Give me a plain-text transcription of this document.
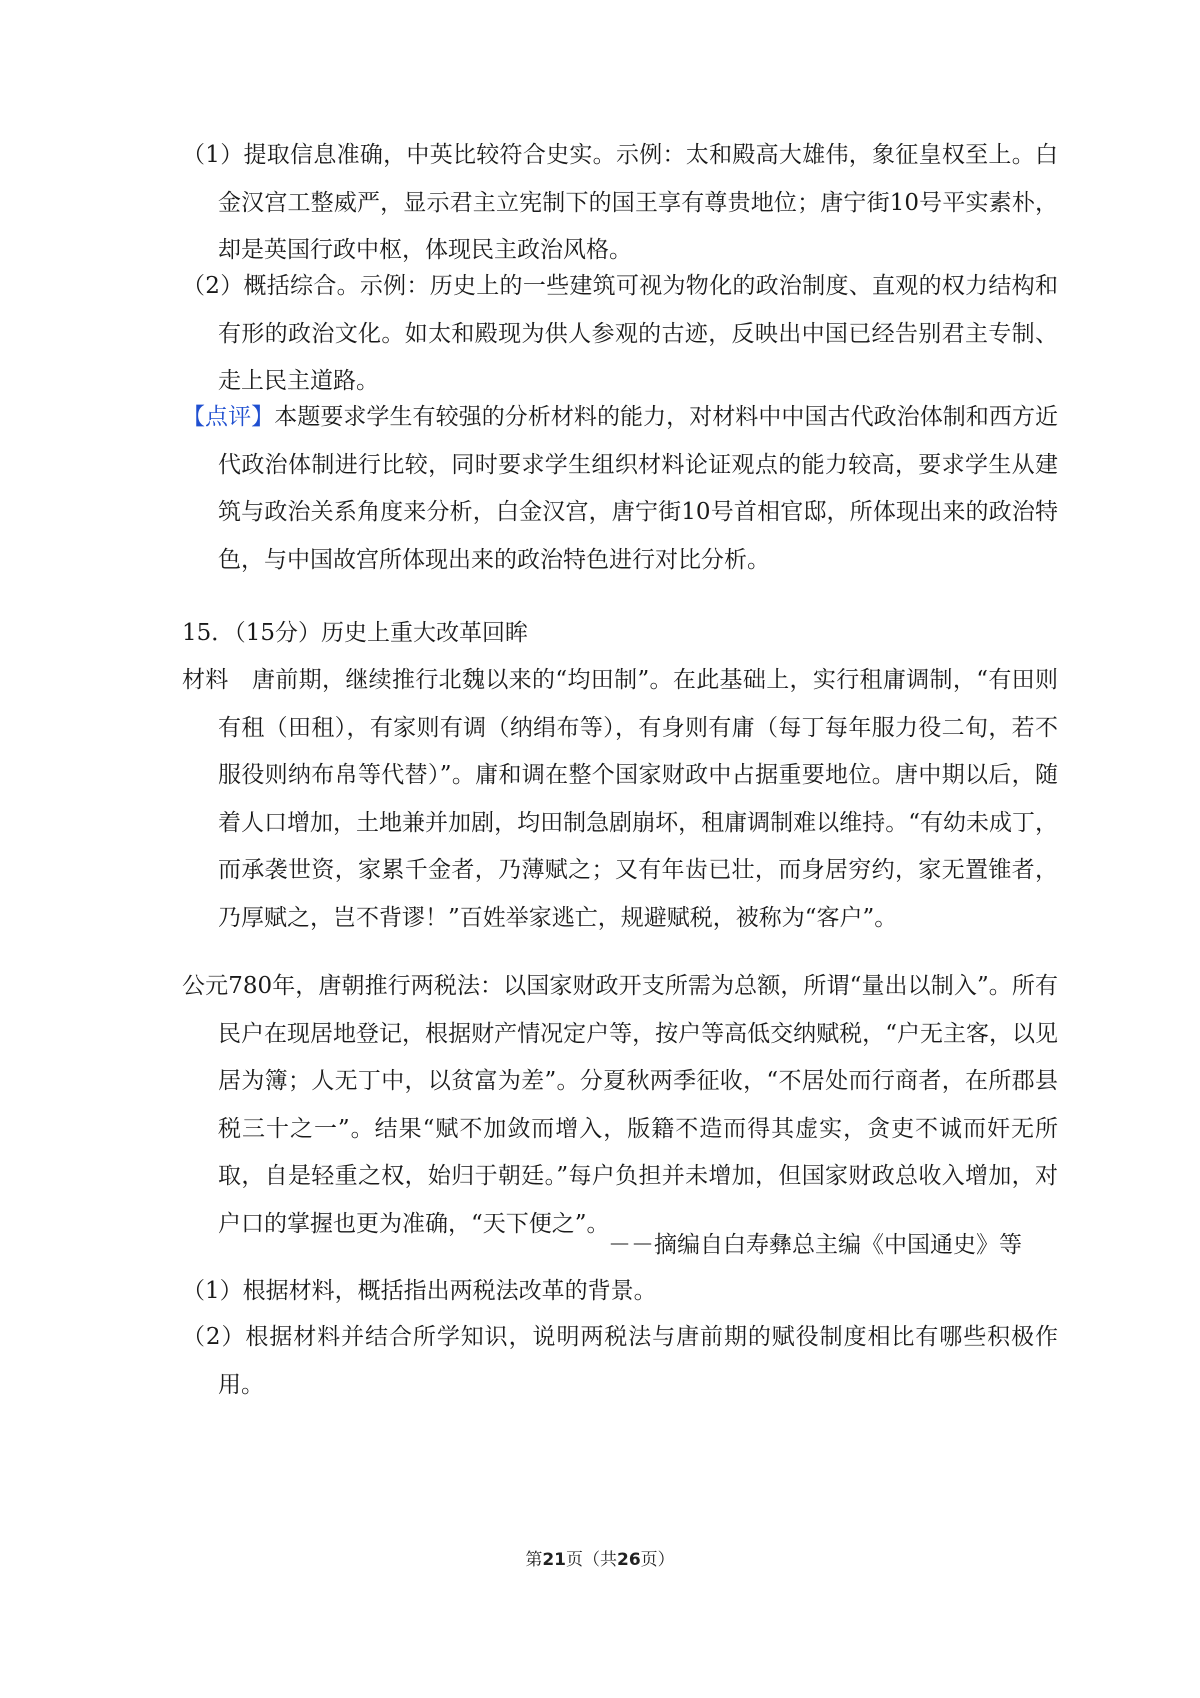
（1）提取信息准确，中英比较符合史实。示例：太和殿高大雄伟，象征皇权至上。白金汉宫工整威严，显示君主立宪制下的国王享有尊贵地位；唐宁街10号平实素朴，却是英国行政中枢，体现民主政治风格。
（2）概括综合。示例：历史上的一些建筑可视为物化的政治制度、直观的权力结构和有形的政治文化。如太和殿现为供人参观的古迹，反映出中国已经告别君主专制、走上民主道路。
【点评】本题要求学生有较强的分析材料的能力，对材料中中国古代政治体制和西方近代政治体制进行比较，同时要求学生组织材料论证观点的能力较高，要求学生从建筑与政治关系角度来分析，白金汉宫，唐宁街10号首相官邸，所体现出来的政治特色，与中国故宫所体现出来的政治特色进行对比分析。
15．（15分）历史上重大改革回眸
材料　唐前期，继续推行北魏以来的“均田制”。在此基础上，实行租庸调制，“有田则有租（田租），有家则有调（纳绢布等），有身则有庸（每丁每年服力役二旬，若不服役则纳布帛等代替）”。庸和调在整个国家财政中占据重要地位。唐中期以后，随着人口增加，土地兼并加剧，均田制急剧崩坏，租庸调制难以维持。“有幼未成丁，而承袭世资，家累千金者，乃薄赋之；又有年齿已壮，而身居穷约，家无置锥者，乃厚赋之，岂不背谬！”百姓举家逃亡，规避赋税，被称为“客户”。
公元780年，唐朝推行两税法：以国家财政开支所需为总额，所谓“量出以制入”。所有民户在现居地登记，根据财产情况定户等，按户等高低交纳赋税，“户无主客，以见居为簿；人无丁中，以贫富为差”。分夏秋两季征收，“不居处而行商者，在所郡县税三十之一”。结果“赋不加敛而增入，版籍不造而得其虚实，贪吏不诚而奸无所取，自是轻重之权，始归于朝廷。”每户负担并未增加，但国家财政总收入增加，对户口的掌握也更为准确，“天下便之”。
－－摘编自白寿彝总主编《中国通史》等
（1）根据材料，概括指出两税法改革的背景。
（2）根据材料并结合所学知识，说明两税法与唐前期的赋役制度相比有哪些积极作用。
第21页（共26页）
